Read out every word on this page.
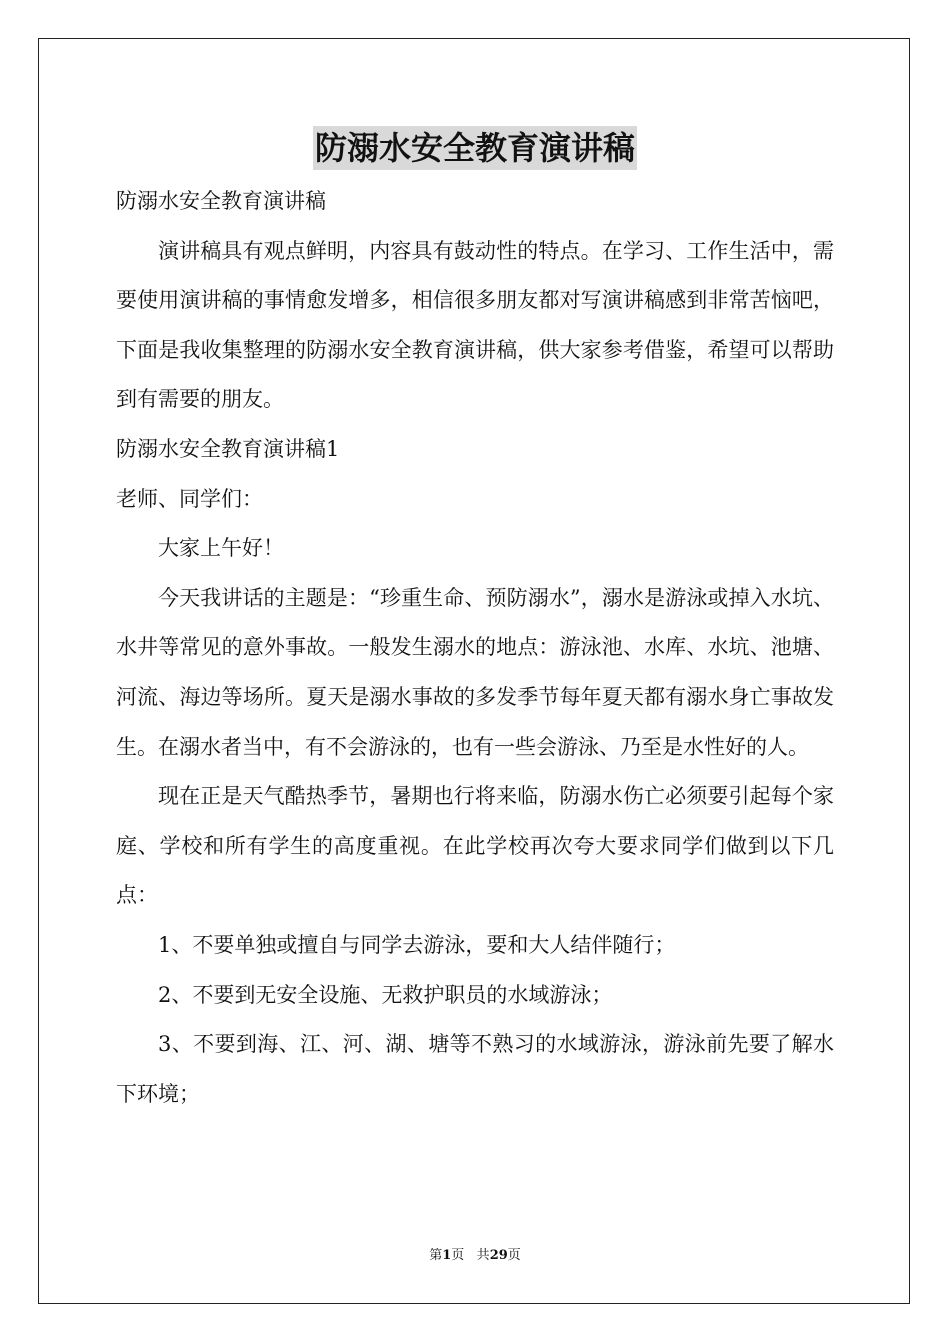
防溺水安全教育演讲稿

防溺水安全教育演讲稿

演讲稿具有观点鲜明，内容具有鼓动性的特点。在学习、工作生活中，需要使用演讲稿的事情愈发增多，相信很多朋友都对写演讲稿感到非常苦恼吧，下面是我收集整理的防溺水安全教育演讲稿，供大家参考借鉴，希望可以帮助到有需要的朋友。

防溺水安全教育演讲稿1

老师、同学们：

大家上午好！

今天我讲话的主题是：“珍重生命、预防溺水”，溺水是游泳或掉入水坑、水井等常见的意外事故。一般发生溺水的地点：游泳池、水库、水坑、池塘、河流、海边等场所。夏天是溺水事故的多发季节每年夏天都有溺水身亡事故发生。在溺水者当中，有不会游泳的，也有一些会游泳、乃至是水性好的人。

现在正是天气酷热季节，暑期也行将来临，防溺水伤亡必须要引起每个家庭、学校和所有学生的高度重视。在此学校再次夸大要求同学们做到以下几点：

1、不要单独或擅自与同学去游泳，要和大人结伴随行；

2、不要到无安全设施、无救护职员的水域游泳；

3、不要到海、江、河、湖、塘等不熟习的水域游泳，游泳前先要了解水下环境；

第1页 共29页
